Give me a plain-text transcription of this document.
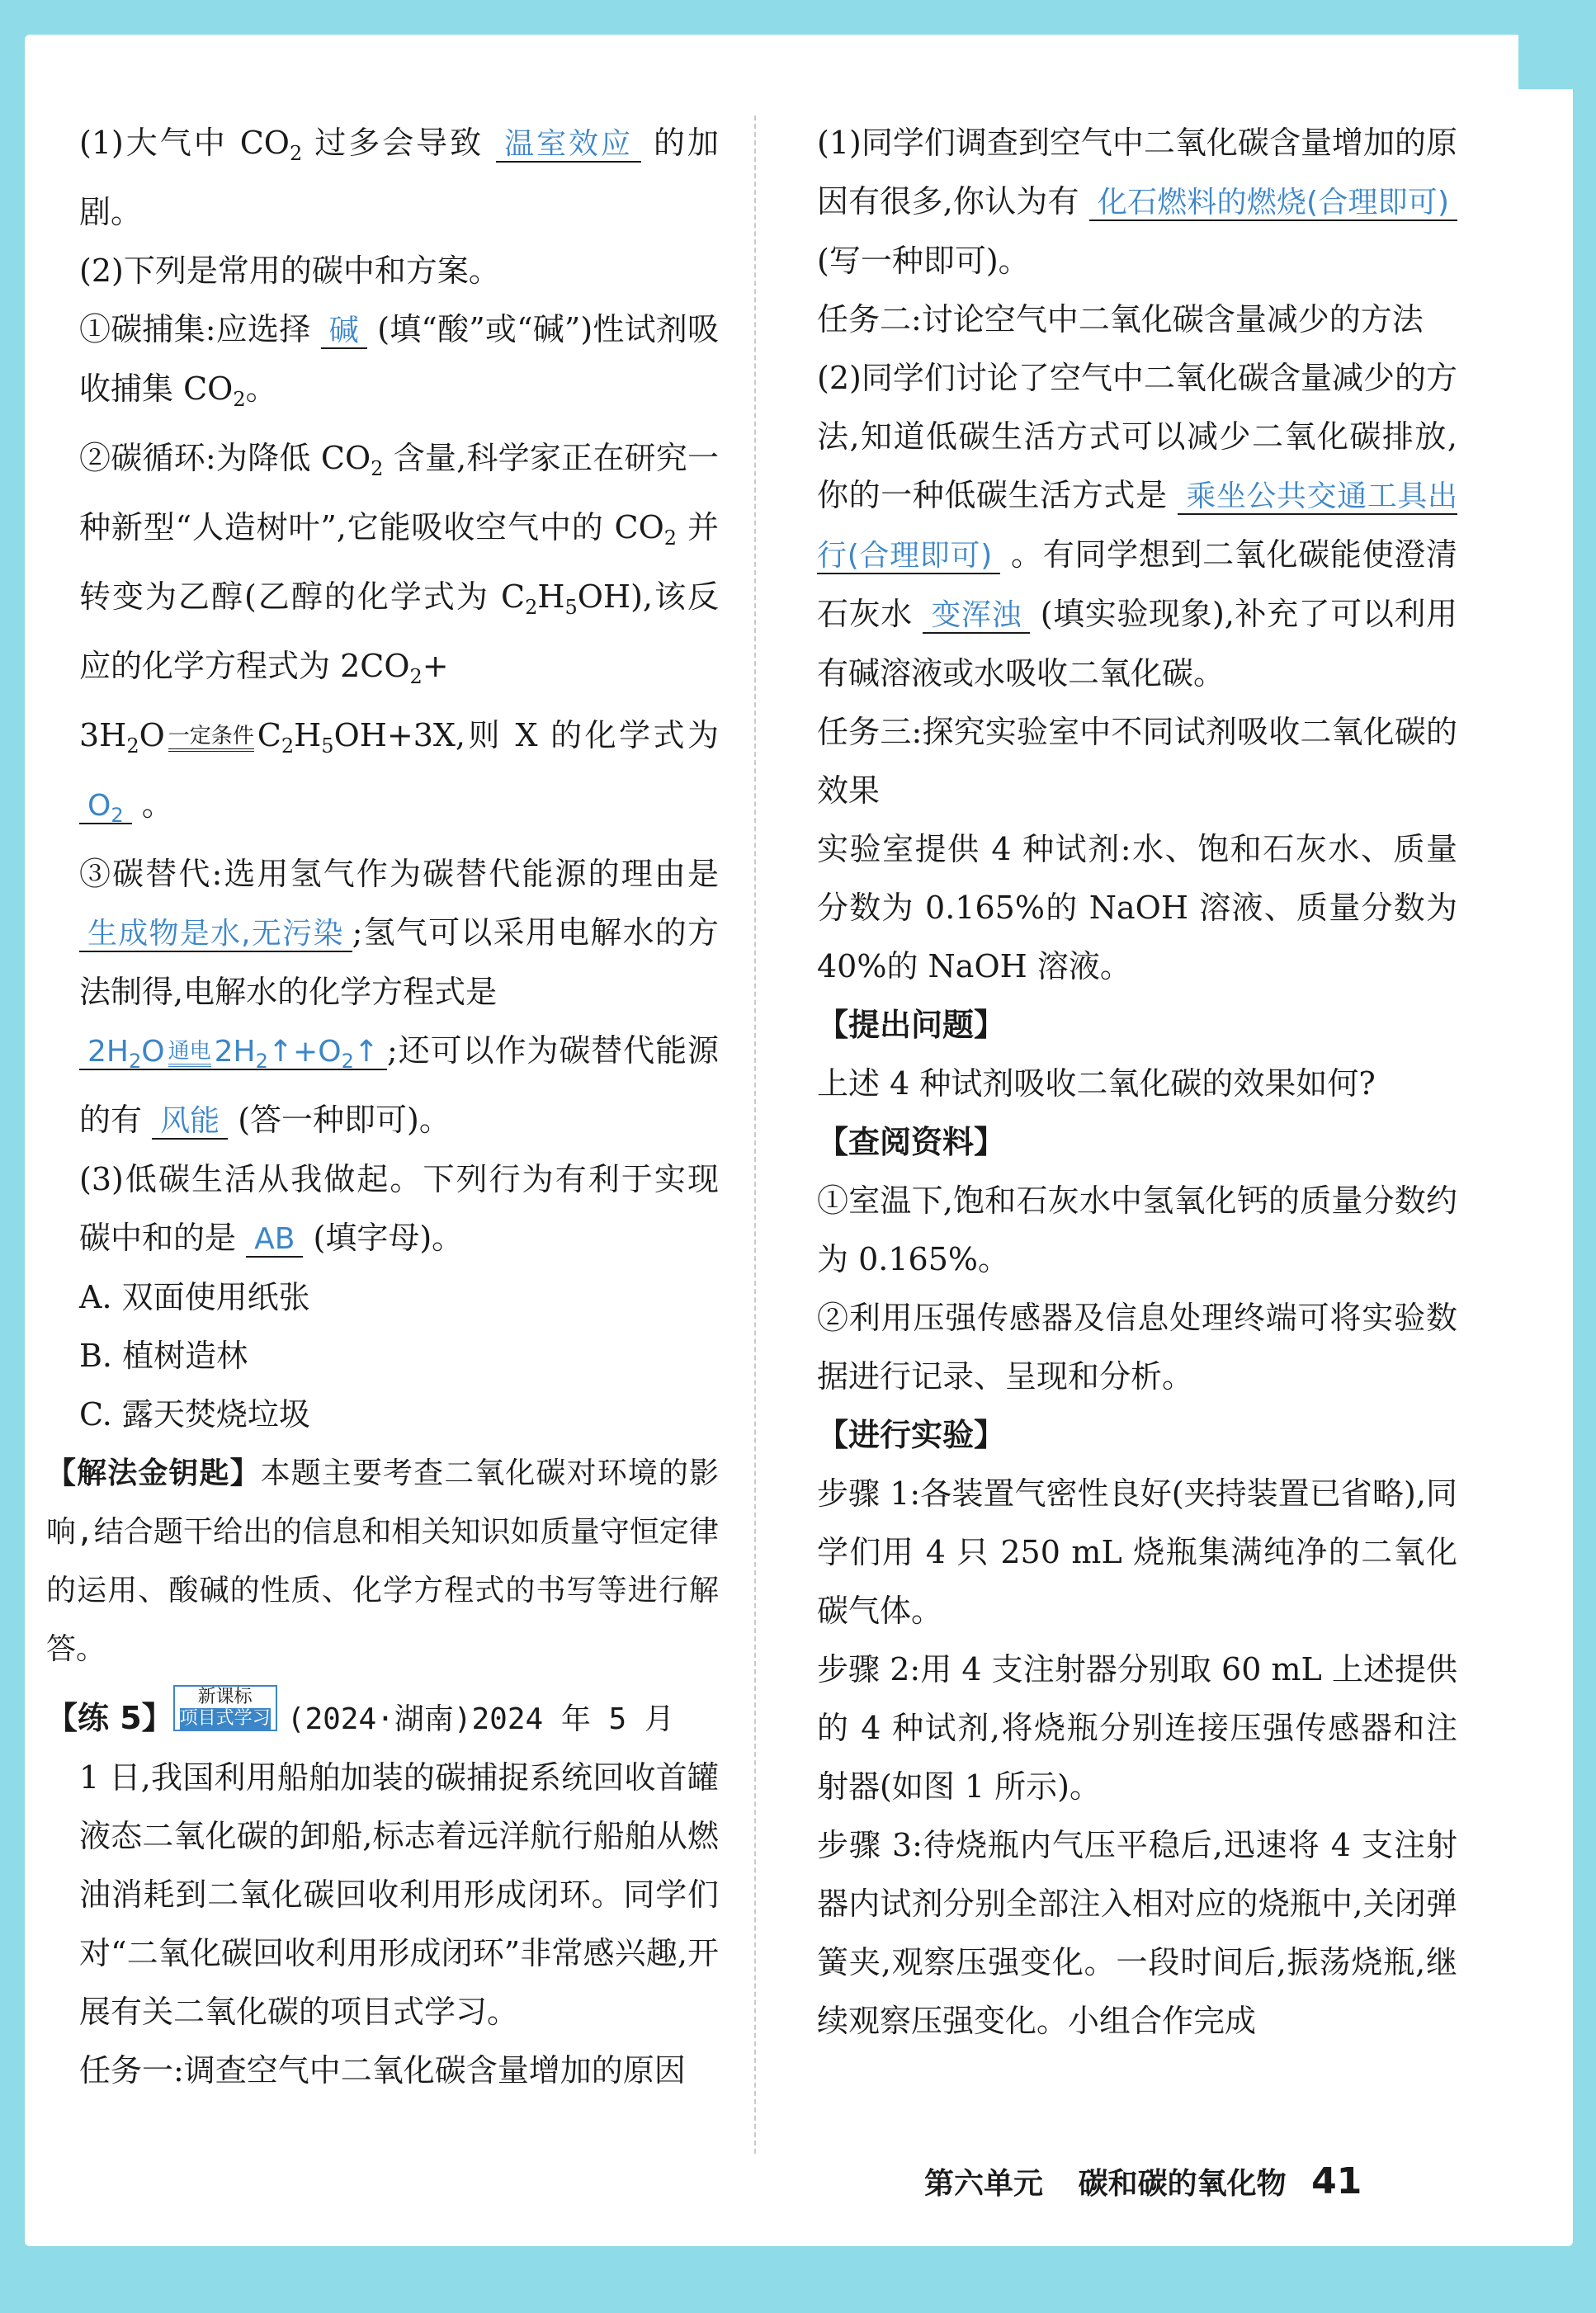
(1)大气中 $CO_2$ 过多会导致 温室效应 的加剧。

(2)下列是常用的碳中和方案。

①碳捕集:应选择 碱 (填“酸”或“碱”)性试剂吸收捕集 $CO_2$。

②碳循环:为降低 $CO_2$ 含量,科学家正在研究一种新型“人造树叶”,它能吸收空气中的 $CO_2$ 并转变为乙醇(乙醇的化学式为 $C_2H_5OH$),该反应的化学方程式为 $2CO_2+$
$3H_2O$ 一定条件 $C_2H_5OH+3X$,则 X 的化学式为 $O_2$ 。

③碳替代:选用氢气作为碳替代能源的理由是 生成物是水,无污染 ;氢气可以采用电解水的方法制得,电解水的化学方程式是
$2H_2O$ 通电 $2H_2↑+O_2↑$ ;还可以作为碳替代能源的有 风能 (答一种即可)。

(3)低碳生活从我做起。下列行为有利于实现碳中和的是 AB (填字母)。

A. 双面使用纸张

B. 植树造林

C. 露天焚烧垃圾

【解法金钥匙】本题主要考查二氧化碳对环境的影响,结合题干给出的信息和相关知识如质量守恒定律的运用、酸碱的性质、化学方程式的书写等进行解答。

【练 5】
新课标
项目式学习 (2024·湖南)2024 年 5 月

1 日,我国利用船舶加装的碳捕捉系统回收首罐液态二氧化碳的卸船,标志着远洋航行船舶从燃油消耗到二氧化碳回收利用形成闭环。同学们对“二氧化碳回收利用形成闭环”非常感兴趣,开展有关二氧化碳的项目式学习。

任务一:调查空气中二氧化碳含量增加的原因

(1)同学们调查到空气中二氧化碳含量增加的原因有很多,你认为有 化石燃料的燃烧(合理即可)(写一种即可)。

任务二:讨论空气中二氧化碳含量减少的方法

(2)同学们讨论了空气中二氧化碳含量减少的方法,知道低碳生活方式可以减少二氧化碳排放,你的一种低碳生活方式是 乘坐公共交通工具出行(合理即可) 。有同学想到二氧化碳能使澄清石灰水 变浑浊 (填实验现象),补充了可以利用有碱溶液或水吸收二氧化碳。

任务三:探究实验室中不同试剂吸收二氧化碳的效果

实验室提供 4 种试剂:水、饱和石灰水、质量分数为 0.165%的 NaOH 溶液、质量分数为 40%的 NaOH 溶液。

【提出问题】

上述 4 种试剂吸收二氧化碳的效果如何?

【查阅资料】

①室温下,饱和石灰水中氢氧化钙的质量分数约为 0.165%。

②利用压强传感器及信息处理终端可将实验数据进行记录、呈现和分析。

【进行实验】

步骤 1:各装置气密性良好(夹持装置已省略),同学们用 4 只 250 mL 烧瓶集满纯净的二氧化碳气体。

步骤 2:用 4 支注射器分别取 60 mL 上述提供的 4 种试剂,将烧瓶分别连接压强传感器和注射器(如图 1 所示)。

步骤 3:待烧瓶内气压平稳后,迅速将 4 支注射器内试剂分别全部注入相对应的烧瓶中,关闭弹簧夹,观察压强变化。一段时间后,振荡烧瓶,继续观察压强变化。小组合作完成

第六单元 碳和碳的氧化物 41
